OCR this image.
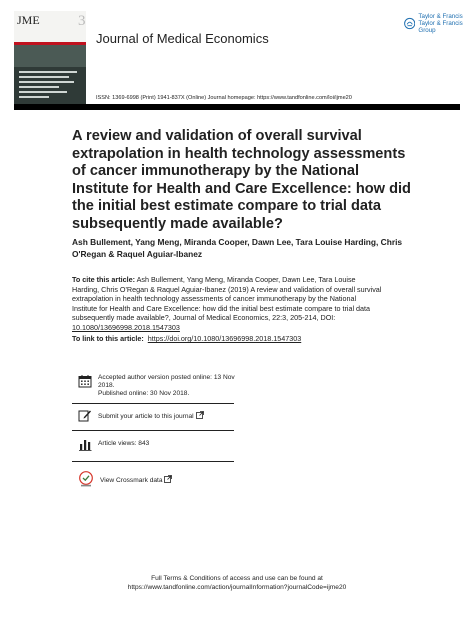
JME	3
Journal of Medical Economics
ISSN: 1369-6998 (Print) 1941-837X (Online) Journal homepage: https://www.tandfonline.com/loi/ijme20
Taylor & Francis
Taylor & Francis Group
A review and validation of overall survival extrapolation in health technology assessments of cancer immunotherapy by the National Institute for Health and Care Excellence: how did the initial best estimate compare to trial data subsequently made available?
Ash Bullement, Yang Meng, Miranda Cooper, Dawn Lee, Tara Louise Harding, Chris O'Regan & Raquel Aguiar-Ibanez
To cite this article: Ash Bullement, Yang Meng, Miranda Cooper, Dawn Lee, Tara Louise Harding, Chris O'Regan & Raquel Aguiar-Ibanez (2019) A review and validation of overall survival extrapolation in health technology assessments of cancer immunotherapy by the National Institute for Health and Care Excellence: how did the initial best estimate compare to trial data subsequently made available?, Journal of Medical Economics, 22:3, 205-214, DOI: 10.1080/13696998.2018.1547303
To link to this article: https://doi.org/10.1080/13696998.2018.1547303
Accepted author version posted online: 13 Nov 2018.
Published online: 30 Nov 2018.
Submit your article to this journal
Article views: 843
View Crossmark data
Full Terms & Conditions of access and use can be found at
https://www.tandfonline.com/action/journalInformation?journalCode=ijme20
